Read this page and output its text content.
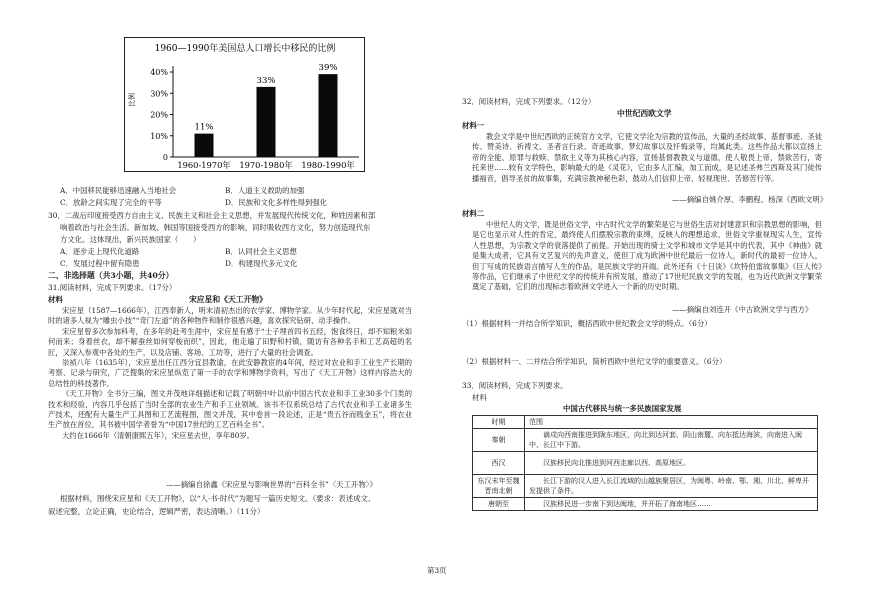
1960—1990年美国总人口增长中移民的比例
比例
0
10%
20%
30%
40%
11%
1960-1970年
33%
1970-1980年
39%
1980-1990年
A．中国移民能够迅速融入当地社会	B．人道主义救助的加强
C．放龄之间实现了完全的平等	D．民族和文化多样性得到强化
30．二战后印度接受西方自由主义、民族主义和社会主义思想，并发展现代传统文化，种姓因素和部
响着政治与社会生活。新加坡、韩国等国接受西方的影响，同时吸收西方文化，努力创造现代东
方文化。这体现出，新兴民族国家（　　）
A．逐步走上现代化道路	B．认同社会主义思想
C．发展过程中留有隐患	D．构建现代多元文化
二、非选择题（共3小题，共40分）
31.阅读材料，完成下列要求。（17分）
材料	宋应星和《天工开物》

宋应星（1587—1666年），江西奉新人，明末清初杰出的农学家、博物学家。从少年时代起，宋应星就对当时的诸多人视为“雕虫小技”“奇门左道”的各种物件和制作很感兴趣，喜欢探究钻研、动手操作。

宋应星曾多次参加科考，在多年的赴考生涯中，宋应星有感于“士子埋首四书五经，饱食终日，却不知粮米如何而来；身着丝衣，却不解蚕丝如何穿梭而织”，因此，他走遍了田野和村镇，随访有各种名手和工艺高超的名匠，又深入参观中各处的生产，以及店铺、客场、工坊等，进行了大量的社会调查。

崇祯八年（1635年），宋应星出任江西分宜县教谕，在此安静教宦的4年间，经过对农业和手工业生产长期的考察、记录与研究，广泛搜集的宋应星纵览了第一手的农学和博物学资料，写出了《天工开物》这样内容浩大的总结性的科技著作。

《天工开物》全书分三编，图文并茂地详细描述和记载了明朝中叶以前中国古代农业和手工业30多个门类的技术和经验，内容几乎包括了当时全部的农业生产和手工业领域。该书不仅系统总结了古代农业和手工业诸多生产技术，还配有大量生产工具图和工艺流程图，图文并茂，其中卷首一段论述，正是“贵五谷而贱金玉”，将农业生产放在首位，其书被中国学者誉为“中国17世纪的工艺百科全书”。

大约在1666年（清朝康熙五年），宋应星去世，享年80岁。

——摘编自徐鑫《宋应星与影响世界的“百科全书”〈天工开物〉》
根据材料，围绕宋应星和《天工开物》，以“人·书·时代”为题写一篇历史短文。（要求：表述成文、
叙述完整，立论正确，史论结合，逻辑严密，表达清晰。）（11分）
32．阅读材料，完成下列要求。（12分）
中世纪西欧文学
材料一

教会文学是中世纪西欧的正统官方文学，它使文学沦为宗教的宣传品，大量的圣经故事、基督事迹、圣徒传、赞美诗、祈祷文、圣者言行录、奇迹故事、梦幻故事以及忏悔录等，均属此类。这些作品大都以宣扬上帝的全能、原罪与救赎、禁欲主义等为其核心内容，宣扬基督教教义与道德，使人敬畏上帝，禁欲苦行，寄托来世……较有文学特色，影响最大的是《灵花》，它由多人汇编，加工而成，是记述圣弗兰西斯及其门徒传播福音，倡导圣贫的故事集，充满宗教神秘色彩，鼓动人们信仰上帝、轻视现世、苦修苦行等。

——摘编自姚介厚、李鹏程、杨深《西欧文明》
材料二

中世纪人的文学，既是世俗文学，中古时代文学的繁荣是它与世俗生活对封建意识和宗教思想的影响，但是它也显示对人性的肯定，最终使人们摆脱宗教的束缚，反映人的理想追求，世俗文学重视现实人生，宣传人性思想，为宗教文学的衰落提供了前提。开始出现的骑士文学和城市文学是其中的代表，其中《神曲》就是集大成者，它具有文艺复兴的先声意义，使但丁成为欧洲中世纪最后一位诗人，新时代的最初一位诗人，但丁写成的民族语言描写人生的作品，是民族文学的开端。此外还有《十日谈》《坎特伯雷故事集》《巨人传》等作品，它们继承了中世纪文学的传统并有所发展，推动了17世纪民族文学的发展，也为近代欧洲文学繁荣奠定了基础，它们的出现标志着欧洲文学进入一个新的历史时期。

——摘编自刘连开《中古欧洲文学与西方》
（1）根据材料一并结合所学知识，概括西欧中世纪教会文学的特点。（6分）
（2）根据材料一、二并结合所学知识，简析西欧中世纪文学的重要意义。（6分）
33．阅读材料，完成下列要求。
材料
中国古代移民与统一多民族国家发展
时期	范围
秦朝	谪戍向西南推进到陇东地区，向北到达河套、阴山南麓，向东抵达海滨，向南进入闽中、长江中下游。
西汉	汉族移民向北推进到河西走廊以西、高原地区。
东汉末年至魏晋南北朝	长江下游的汉人进入长江流域的山越族聚居区，为闽粤、岭南、鄂、湘、川北、鲜卑开发提供了条件。
唐朝至	汉族移民进一步南下到达闽地，并开拓了海南地区……
第3页
